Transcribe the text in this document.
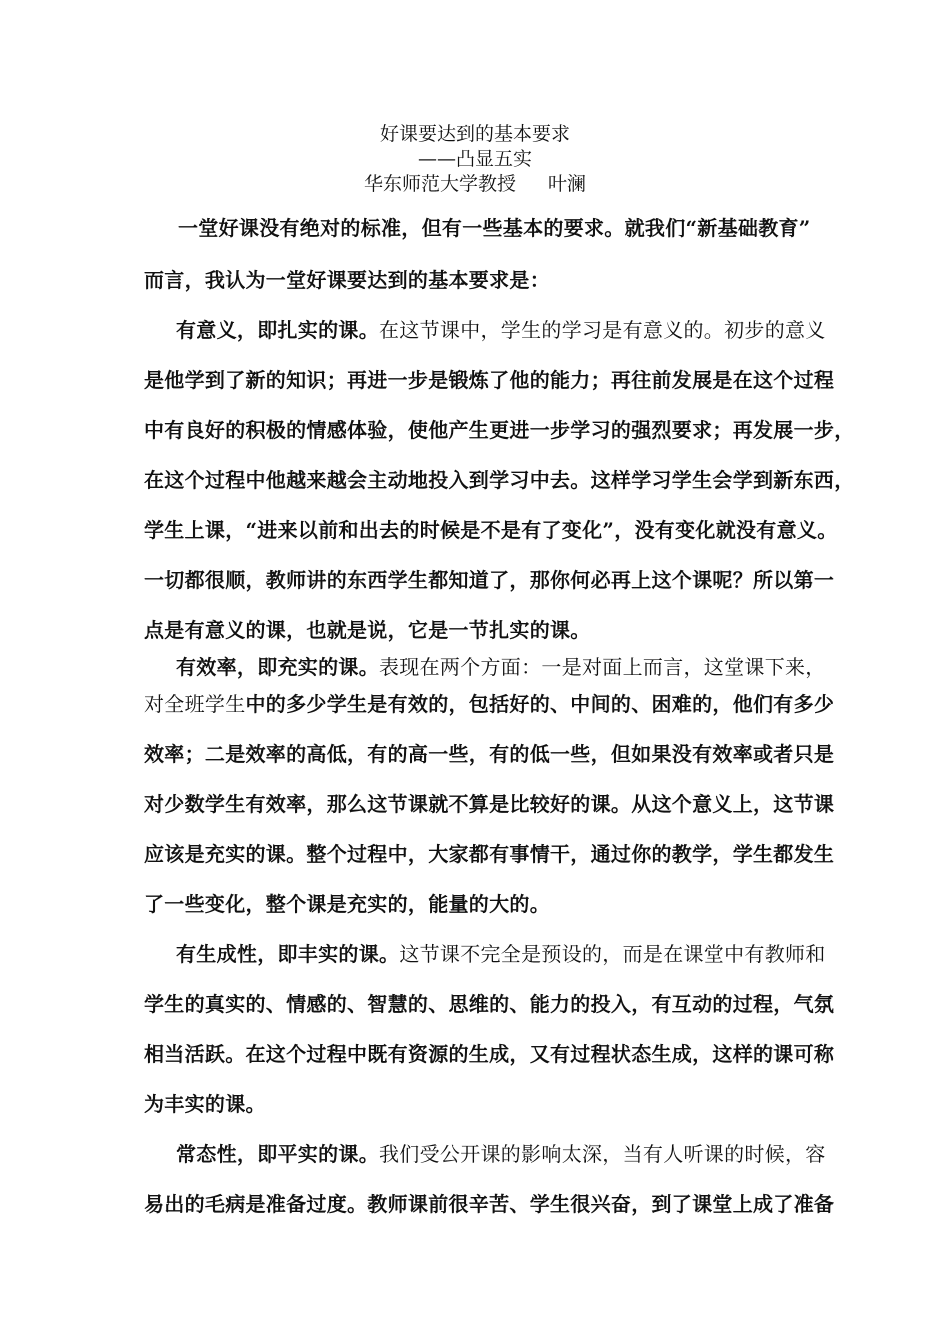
好课要达到的基本要求
——凸显五实
华东师范大学教授 叶澜
一堂好课没有绝对的标准，但有一些基本的要求。就我们“新基础教育”
而言，我认为一堂好课要达到的基本要求是：
有意义，即扎实的课。在这节课中，学生的学习是有意义的。初步的意义
是他学到了新的知识；再进一步是锻炼了他的能力；再往前发展是在这个过程
中有良好的积极的情感体验，使他产生更进一步学习的强烈要求；再发展一步，
在这个过程中他越来越会主动地投入到学习中去。这样学习学生会学到新东西，
学生上课，“进来以前和出去的时候是不是有了变化”，没有变化就没有意义。
一切都很顺，教师讲的东西学生都知道了，那你何必再上这个课呢？所以第一
点是有意义的课，也就是说，它是一节扎实的课。
有效率，即充实的课。表现在两个方面：一是对面上而言，这堂课下来，
对全班学生中的多少学生是有效的，包括好的、中间的、困难的，他们有多少
效率；二是效率的高低，有的高一些，有的低一些，但如果没有效率或者只是
对少数学生有效率，那么这节课就不算是比较好的课。从这个意义上，这节课
应该是充实的课。整个过程中，大家都有事情干，通过你的教学，学生都发生
了一些变化，整个课是充实的，能量的大的。
有生成性，即丰实的课。这节课不完全是预设的，而是在课堂中有教师和
学生的真实的、情感的、智慧的、思维的、能力的投入，有互动的过程，气氛
相当活跃。在这个过程中既有资源的生成，又有过程状态生成，这样的课可称
为丰实的课。
常态性，即平实的课。我们受公开课的影响太深，当有人听课的时候，容
易出的毛病是准备过度。教师课前很辛苦、学生很兴奋，到了课堂上成了准备
